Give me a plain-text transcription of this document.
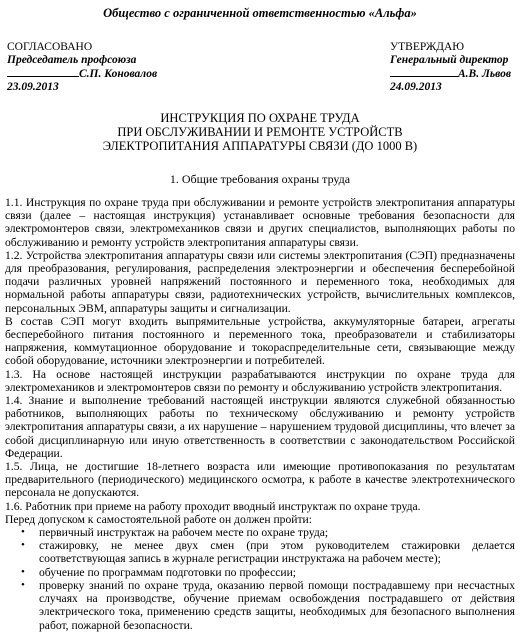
Общество с ограниченной ответственностью «Альфа»
СОГЛАСОВАНО
Председатель профсоюза
С.П. Коновалов
23.09.2013
УТВЕРЖДАЮ
Генеральный директор
А.В. Львов
24.09.2013
ИНСТРУКЦИЯ ПО ОХРАНЕ ТРУДА
ПРИ ОБСЛУЖИВАНИИ И РЕМОНТЕ УСТРОЙСТВ
ЭЛЕКТРОПИТАНИЯ АППАРАТУРЫ СВЯЗИ (ДО 1000 В)
1. Общие требования охраны труда

1.1. Инструкция по охране труда при обслуживании и ремонте устройств электропитания аппаратуры связи (далее – настоящая инструкция) устанавливает основные требования безопасности для электромонтеров связи, электромехаников связи и других специалистов, выполняющих работы по обслуживанию и ремонту устройств электропитания аппаратуры связи.

1.2. Устройства электропитания аппаратуры связи или системы электропитания (СЭП) предназначены для преобразования, регулирования, распределения электроэнергии и обеспечения бесперебойной подачи различных уровней напряжений постоянного и переменного тока, необходимых для нормальной работы аппаратуры связи, радиотехнических устройств, вычислительных комплексов, персональных ЭВМ, аппаратуры защиты и сигнализации.

В состав СЭП могут входить выпрямительные устройства, аккумуляторные батареи, агрегаты бесперебойного питания постоянного и переменного тока, преобразователи и стабилизаторы напряжения, коммутационное оборудование и токораспределительные сети, связывающие между собой оборудование, источники электроэнергии и потребителей.

1.3. На основе настоящей инструкции разрабатываются инструкции по охране труда для электромехаников и электромонтеров связи по ремонту и обслуживанию устройств электропитания.

1.4. Знание и выполнение требований настоящей инструкции являются служебной обязанностью работников, выполняющих работы по техническому обслуживанию и ремонту устройств электропитания аппаратуры связи, а их нарушение – нарушением трудовой дисциплины, что влечет за собой дисциплинарную или иную ответственность в соответствии с законодательством Российской Федерации.

1.5. Лица, не достигшие 18-летнего возраста или имеющие противопоказания по результатам предварительного (периодического) медицинского осмотра, к работе в качестве электротехнического персонала не допускаются.

1.6. Работник при приеме на работу проходит вводный инструктаж по охране труда.

Перед допуском к самостоятельной работе он должен пройти:

• первичный инструктаж на рабочем месте по охране труда;
• стажировку, не менее двух смен (при этом руководителем стажировки делается соответствующая запись в журнале регистрации инструктажа на рабочем месте);
• обучение по программам подготовки по профессии;
• проверку знаний по охране труда, оказанию первой помощи пострадавшему при несчастных случаях на производстве, обучение приемам освобождения пострадавшего от действия электрического тока, применению средств защиты, необходимых для безопасного выполнения работ, пожарной безопасности.
